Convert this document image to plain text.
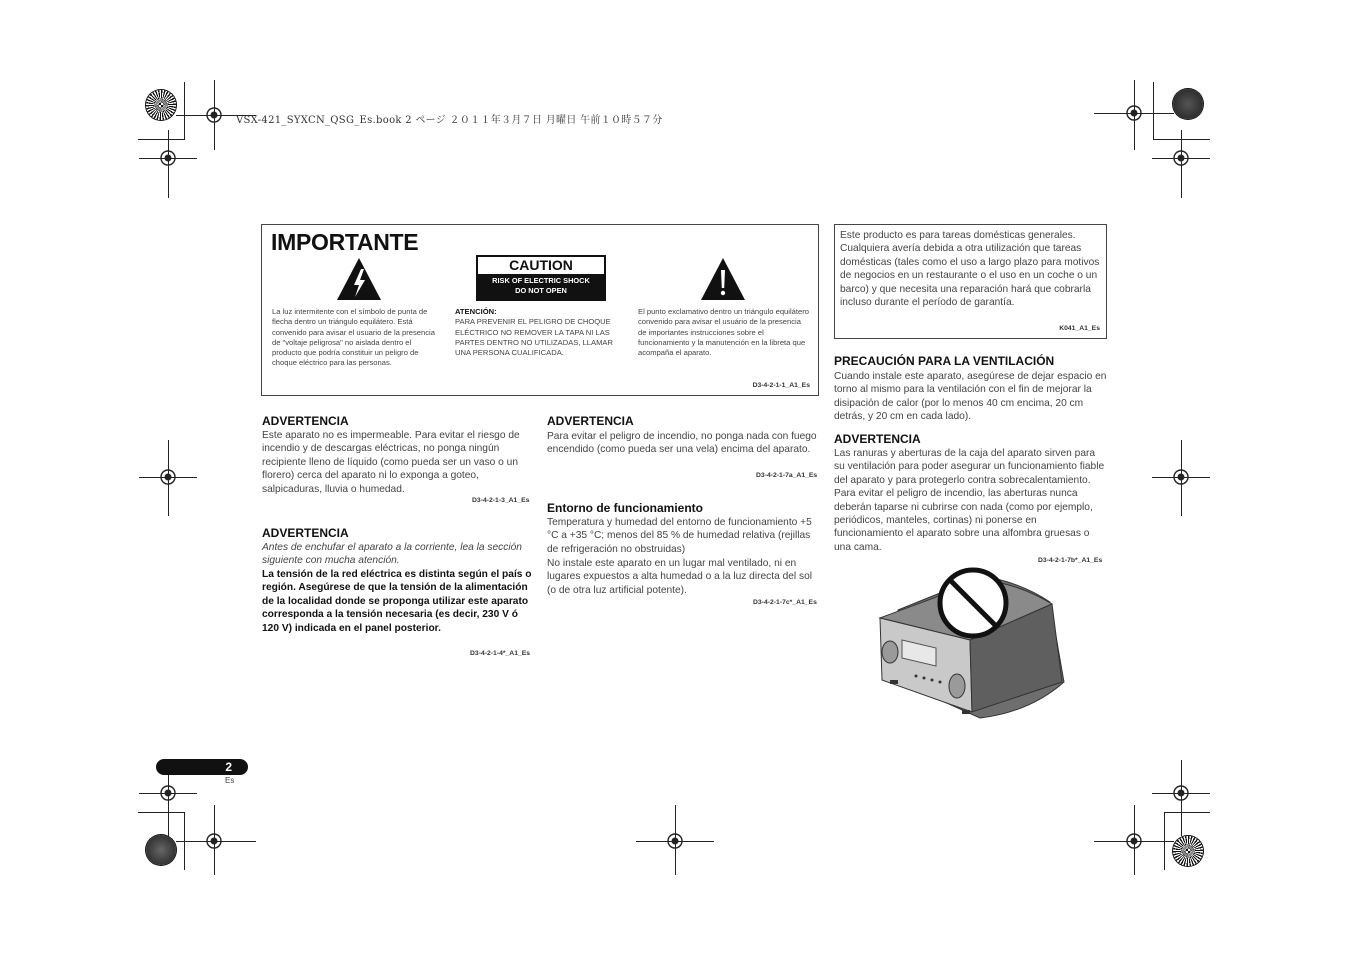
VSX-421_SYXCN_QSG_Es.book 2 ページ ２０１１年３月７日 月曜日 午前１０時５７分
IMPORTANTE
CAUTION
RISK OF ELECTRIC SHOCK
DO NOT OPEN
La luz intermitente con el símbolo de punta de flecha dentro un triángulo equilátero. Está convenido para avisar el usuario de la presencia de "voltaje peligrosa" no aislada dentro el producto que podría constituir un peligro de choque eléctrico para las personas.
ATENCIÓN:
PARA PREVENIR EL PELIGRO DE CHOQUE ELÉCTRICO NO REMOVER LA TAPA NI LAS PARTES DENTRO NO UTILIZADAS, LLAMAR UNA PERSONA CUALIFICADA.
El punto exclamativo dentro un triángulo equilátero convenido para avisar el usuário de la presencia de importantes instrucciones sobre el funcionamiento y la manutención en la libreta que acompaña el aparato.
D3-4-2-1-1_A1_Es
ADVERTENCIA
Este aparato no es impermeable. Para evitar el riesgo de incendio y de descargas eléctricas, no ponga ningún recipiente lleno de líquido (como pueda ser un vaso o un florero) cerca del aparato ni lo exponga a goteo, salpicaduras, lluvia o humedad.
D3-4-2-1-3_A1_Es
ADVERTENCIA
Antes de enchufar el aparato a la corriente, lea la sección siguiente con mucha atención.
La tensión de la red eléctrica es distinta según el país o región. Asegúrese de que la tensión de la alimentación de la localidad donde se proponga utilizar este aparato corresponda a la tensión necesaria (es decir, 230 V ó 120 V) indicada en el panel posterior.
D3-4-2-1-4*_A1_Es
ADVERTENCIA
Para evitar el peligro de incendio, no ponga nada con fuego encendido (como pueda ser una vela) encima del aparato.
D3-4-2-1-7a_A1_Es
Entorno de funcionamiento
Temperatura y humedad del entorno de funcionamiento +5 °C a +35 °C; menos del 85 % de humedad relativa (rejillas de refrigeración no obstruidas)
No instale este aparato en un lugar mal ventilado, ni en lugares expuestos a alta humedad o a la luz directa del sol (o de otra luz artificial potente).
D3-4-2-1-7c*_A1_Es
Este producto es para tareas domésticas generales. Cualquiera avería debida a otra utilización que tareas domésticas (tales como el uso a largo plazo para motivos de negocios en un restaurante o el uso en un coche o un barco) y que necesita una reparación hará que cobrarla incluso durante el período de garantía.
K041_A1_Es
PRECAUCIÓN PARA LA VENTILACIÓN
Cuando instale este aparato, asegúrese de dejar espacio en torno al mismo para la ventilación con el fin de mejorar la disipación de calor (por lo menos 40 cm encima, 20 cm detrás, y 20 cm en cada lado).
ADVERTENCIA
Las ranuras y aberturas de la caja del aparato sirven para su ventilación para poder asegurar un funcionamiento fiable del aparato y para protegerlo contra sobrecalentamiento. Para evitar el peligro de incendio, las aberturas nunca deberán taparse ni cubrirse con nada (como por ejemplo, periódicos, manteles, cortinas) ni ponerse en funcionamiento el aparato sobre una alfombra gruesas o una cama.
D3-4-2-1-7b*_A1_Es
2
Es
